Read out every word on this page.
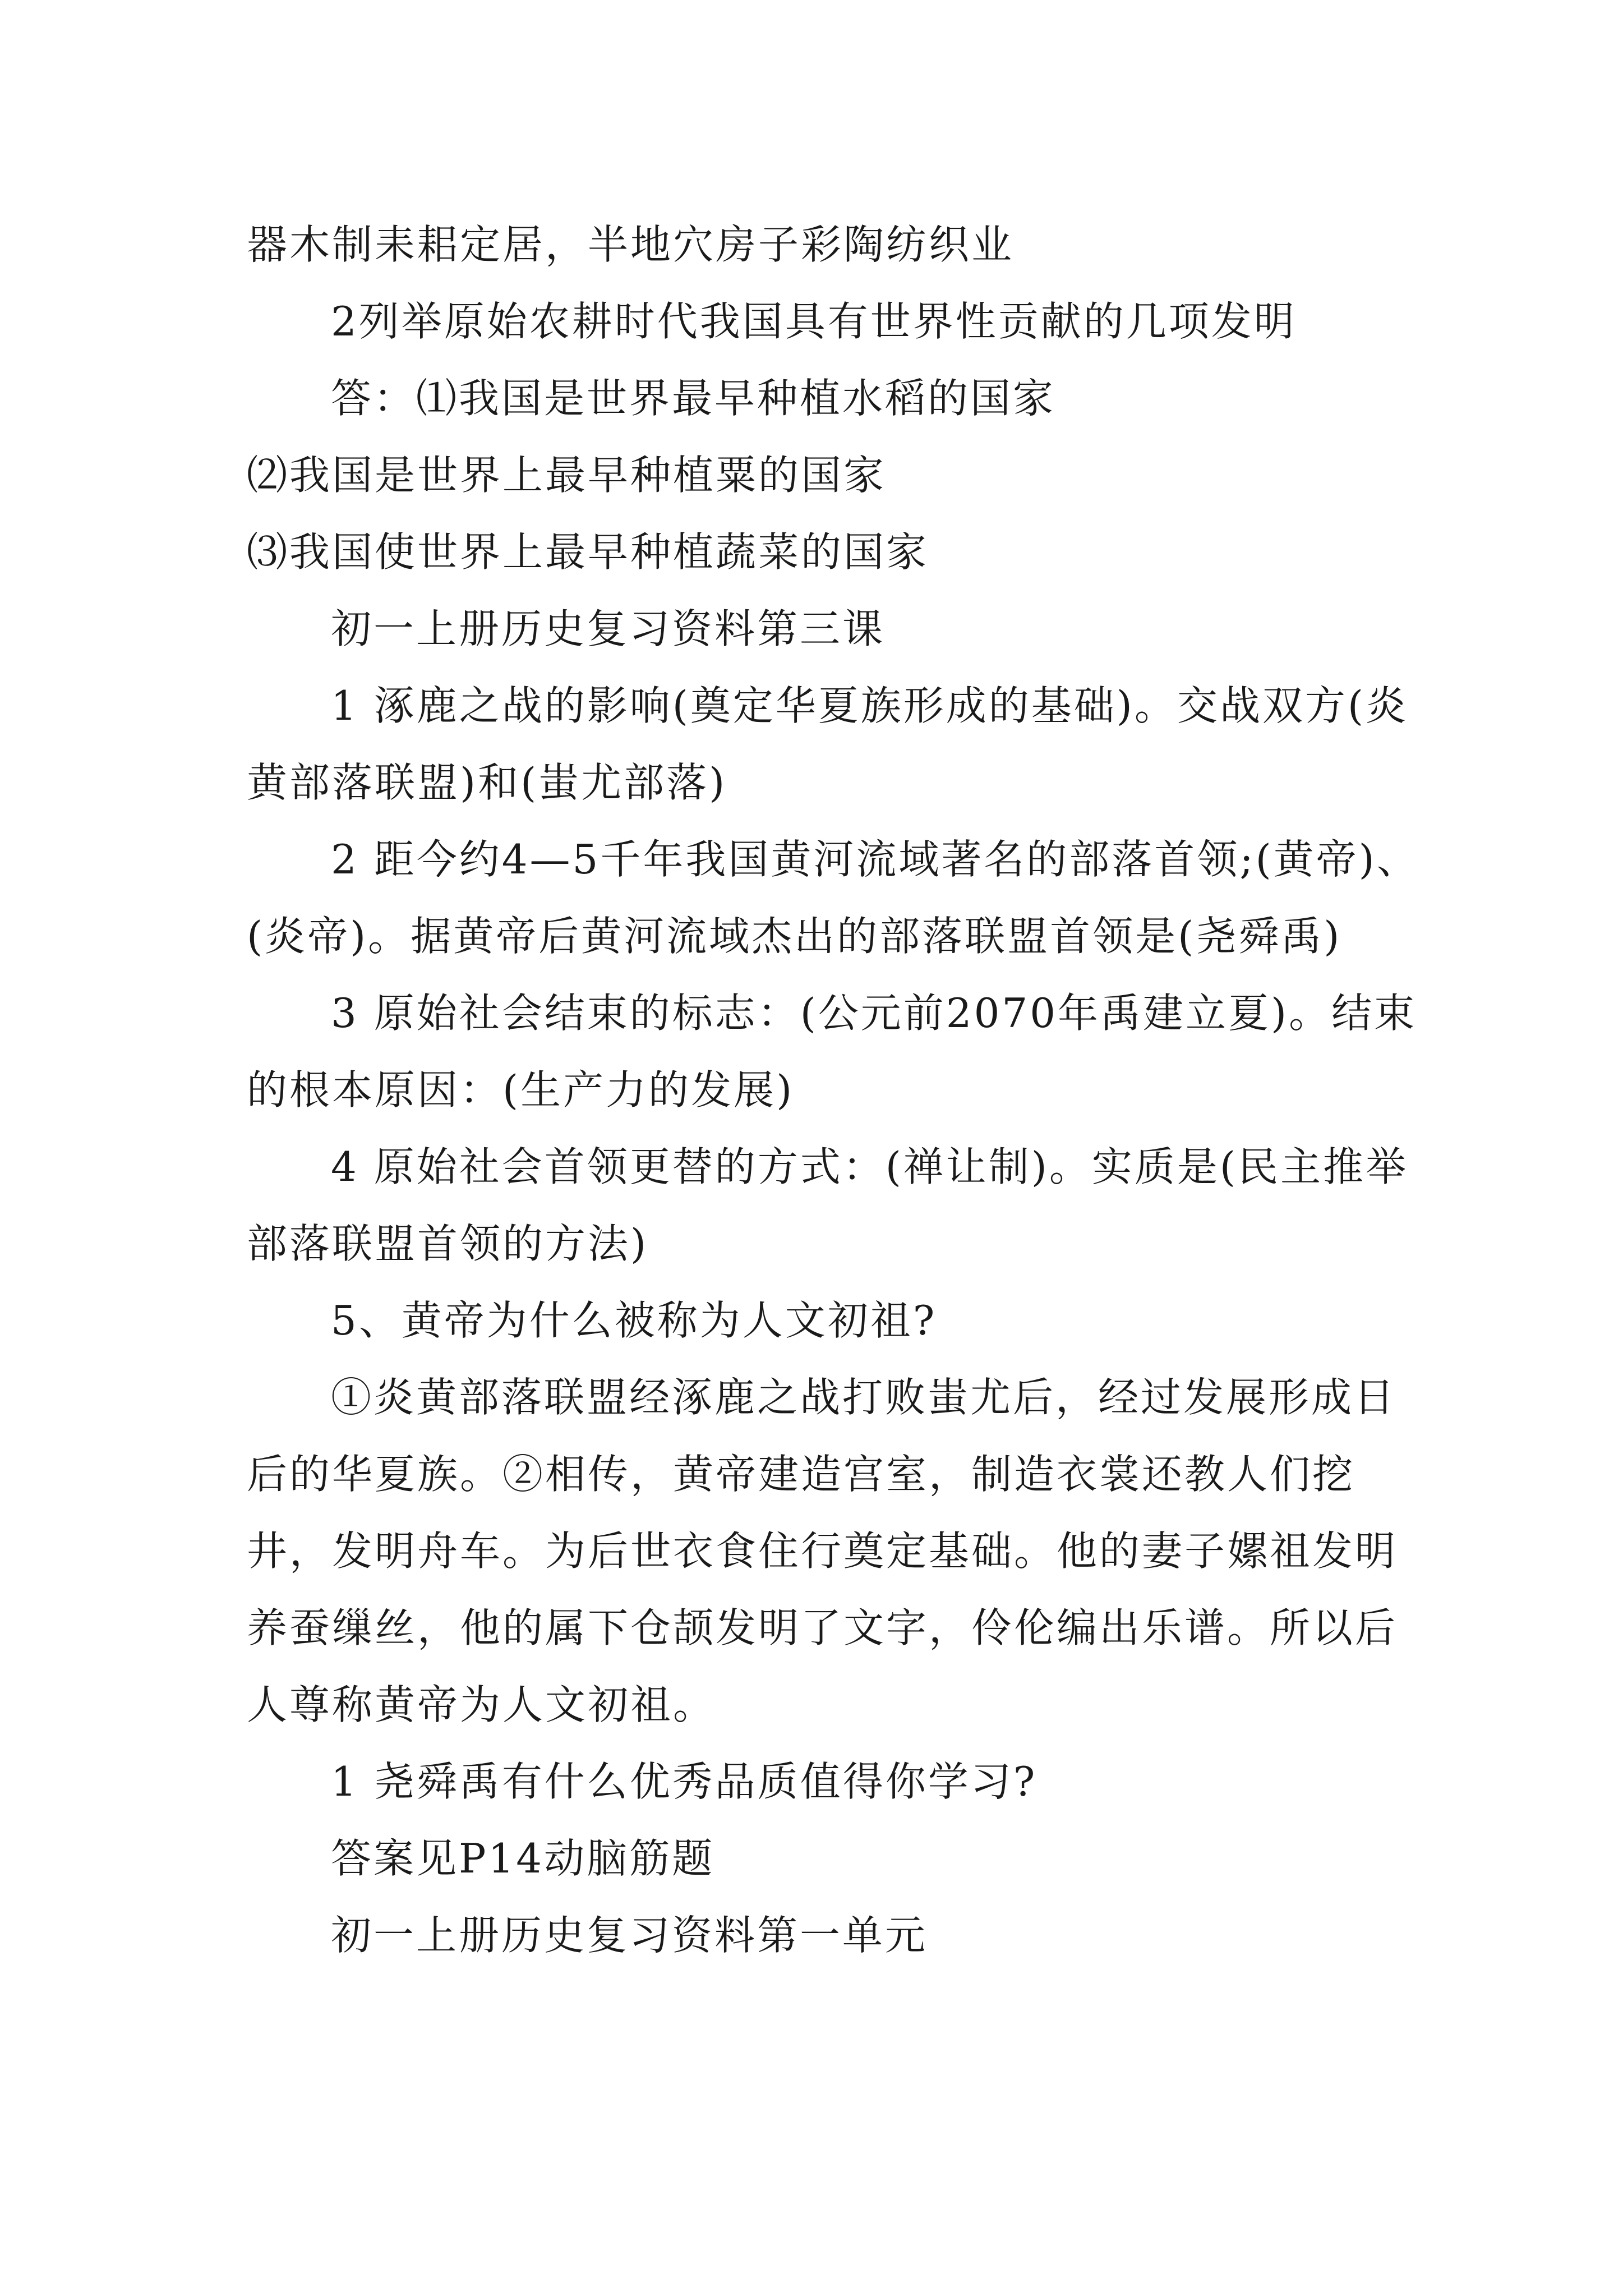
器木制耒耜定居，半地穴房子彩陶纺织业

2列举原始农耕时代我国具有世界性贡献的几项发明

答：⑴我国是世界最早种植水稻的国家

⑵我国是世界上最早种植粟的国家

⑶我国使世界上最早种植蔬菜的国家

初一上册历史复习资料第三课

1 涿鹿之战的影响(奠定华夏族形成的基础)。交战双方(炎黄部落联盟)和(蚩尤部落)

2 距今约4—5千年我国黄河流域著名的部落首领;(黄帝)、(炎帝)。据黄帝后黄河流域杰出的部落联盟首领是(尧舜禹)

3 原始社会结束的标志：(公元前2070年禹建立夏)。结束的根本原因：(生产力的发展)

4 原始社会首领更替的方式：(禅让制)。实质是(民主推举部落联盟首领的方法)

5、黄帝为什么被称为人文初祖?

①炎黄部落联盟经涿鹿之战打败蚩尤后，经过发展形成日后的华夏族。②相传，黄帝建造宫室，制造衣裳还教人们挖井，发明舟车。为后世衣食住行奠定基础。他的妻子嫘祖发明养蚕缫丝，他的属下仓颉发明了文字，伶伦编出乐谱。所以后人尊称黄帝为人文初祖。

1 尧舜禹有什么优秀品质值得你学习?

答案见P14动脑筋题

初一上册历史复习资料第一单元
